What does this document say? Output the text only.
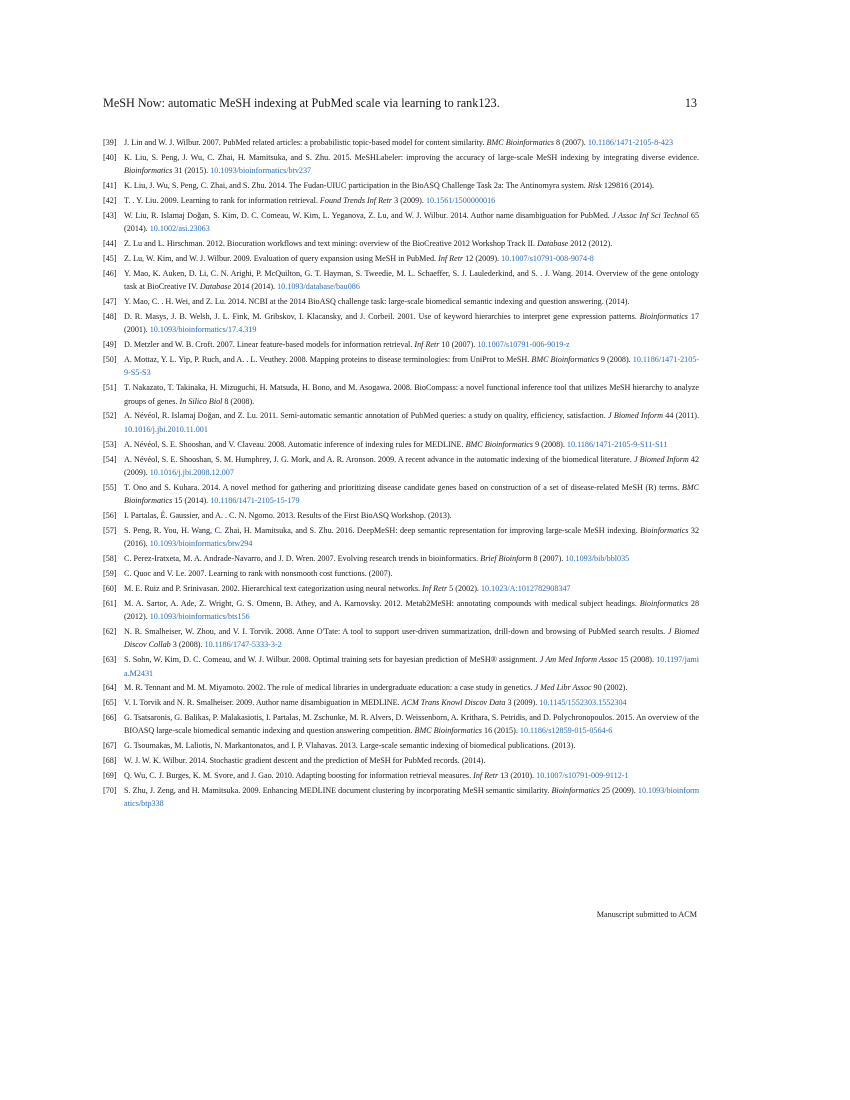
MeSH Now: automatic MeSH indexing at PubMed scale via learning to rank123.	13
[39] J. Lin and W. J. Wilbur. 2007. PubMed related articles: a probabilistic topic-based model for content similarity. BMC Bioinformatics 8 (2007). 10.1186/1471-2105-8-423
[40] K. Liu, S. Peng, J. Wu, C. Zhai, H. Mamitsuka, and S. Zhu. 2015. MeSHLabeler: improving the accuracy of large-scale MeSH indexing by integrating diverse evidence. Bioinformatics 31 (2015). 10.1093/bioinformatics/btv237
[41] K. Liu, J. Wu, S. Peng, C. Zhai, and S. Zhu. 2014. The Fudan-UIUC participation in the BioASQ Challenge Task 2a: The Antinomyra system. Risk 129816 (2014).
[42] T. . Y. Liu. 2009. Learning to rank for information retrieval. Found Trends Inf Retr 3 (2009). 10.1561/1500000016
[43] W. Liu, R. Islamaj Doğan, S. Kim, D. C. Comeau, W. Kim, L. Yeganova, Z. Lu, and W. J. Wilbur. 2014. Author name disambiguation for PubMed. J Assoc Inf Sci Technol 65 (2014). 10.1002/asi.23063
[44] Z. Lu and L. Hirschman. 2012. Biocuration workflows and text mining: overview of the BioCreative 2012 Workshop Track II. Database 2012 (2012).
[45] Z. Lu, W. Kim, and W. J. Wilbur. 2009. Evaluation of query expansion using MeSH in PubMed. Inf Retr 12 (2009). 10.1007/s10791-008-9074-8
[46] Y. Mao, K. Auken, D. Li, C. N. Arighi, P. McQuilton, G. T. Hayman, S. Tweedie, M. L. Schaeffer, S. J. Laulederkind, and S. . J. Wang. 2014. Overview of the gene ontology task at BioCreative IV. Database 2014 (2014). 10.1093/database/bau086
[47] Y. Mao, C. . H. Wei, and Z. Lu. 2014. NCBI at the 2014 BioASQ challenge task: large-scale biomedical semantic indexing and question answering. (2014).
[48] D. R. Masys, J. B. Welsh, J. L. Fink, M. Gribskov, I. Klacansky, and J. Corbeil. 2001. Use of keyword hierarchies to interpret gene expression patterns. Bioinformatics 17 (2001). 10.1093/bioinformatics/17.4.319
[49] D. Metzler and W. B. Croft. 2007. Linear feature-based models for information retrieval. Inf Retr 10 (2007). 10.1007/s10791-006-9019-z
[50] A. Mottaz, Y. L. Yip, P. Ruch, and A. . L. Veuthey. 2008. Mapping proteins to disease terminologies: from UniProt to MeSH. BMC Bioinformatics 9 (2008). 10.1186/1471-2105-9-S5-S3
[51] T. Nakazato, T. Takinaka, H. Mizuguchi, H. Matsuda, H. Bono, and M. Asogawa. 2008. BioCompass: a novel functional inference tool that utilizes MeSH hierarchy to analyze groups of genes. In Silico Biol 8 (2008).
[52] A. Névéol, R. Islamaj Doğan, and Z. Lu. 2011. Semi-automatic semantic annotation of PubMed queries: a study on quality, efficiency, satisfaction. J Biomed Inform 44 (2011). 10.1016/j.jbi.2010.11.001
[53] A. Névéol, S. E. Shooshan, and V. Claveau. 2008. Automatic inference of indexing rules for MEDLINE. BMC Bioinformatics 9 (2008). 10.1186/1471-2105-9-S11-S11
[54] A. Névéol, S. E. Shooshan, S. M. Humphrey, J. G. Mork, and A. R. Aronson. 2009. A recent advance in the automatic indexing of the biomedical literature. J Biomed Inform 42 (2009). 10.1016/j.jbi.2008.12.007
[55] T. Ono and S. Kuhara. 2014. A novel method for gathering and prioritizing disease candidate genes based on construction of a set of disease-related MeSH (R) terms. BMC Bioinformatics 15 (2014). 10.1186/1471-2105-15-179
[56] I. Partalas, É. Gaussier, and A. . C. N. Ngomo. 2013. Results of the First BioASQ Workshop. (2013).
[57] S. Peng, R. You, H. Wang, C. Zhai, H. Mamitsuka, and S. Zhu. 2016. DeepMeSH: deep semantic representation for improving large-scale MeSH indexing. Bioinformatics 32 (2016). 10.1093/bioinformatics/btw294
[58] C. Perez-Iratxeta, M. A. Andrade-Navarro, and J. D. Wren. 2007. Evolving research trends in bioinformatics. Brief Bioinform 8 (2007). 10.1093/bib/bbl035
[59] C. Quoc and V. Le. 2007. Learning to rank with nonsmooth cost functions. (2007).
[60] M. E. Ruiz and P. Srinivasan. 2002. Hierarchical text categorization using neural networks. Inf Retr 5 (2002). 10.1023/A:1012782908347
[61] M. A. Sartor, A. Ade, Z. Wright, G. S. Omenn, B. Athey, and A. Karnovsky. 2012. Metab2MeSH: annotating compounds with medical subject headings. Bioinformatics 28 (2012). 10.1093/bioinformatics/bts156
[62] N. R. Smalheiser, W. Zhou, and V. I. Torvik. 2008. Anne O'Tate: A tool to support user-driven summarization, drill-down and browsing of PubMed search results. J Biomed Discov Collab 3 (2008). 10.1186/1747-5333-3-2
[63] S. Sohn, W. Kim, D. C. Comeau, and W. J. Wilbur. 2008. Optimal training sets for bayesian prediction of MeSH® assignment. J Am Med Inform Assoc 15 (2008). 10.1197/jamia.M2431
[64] M. R. Tennant and M. M. Miyamoto. 2002. The role of medical libraries in undergraduate education: a case study in genetics. J Med Libr Assoc 90 (2002).
[65] V. I. Torvik and N. R. Smalheiser. 2009. Author name disambiguation in MEDLINE. ACM Trans Knowl Discov Data 3 (2009). 10.1145/1552303.1552304
[66] G. Tsatsaronis, G. Balikas, P. Malakasiotis, I. Partalas, M. Zschunke, M. R. Alvers, D. Weissenborn, A. Krithara, S. Petridis, and D. Polychronopoulos. 2015. An overview of the BIOASQ large-scale biomedical semantic indexing and question answering competition. BMC Bioinformatics 16 (2015). 10.1186/s12859-015-0564-6
[67] G. Tsoumakas, M. Laliotis, N. Markantonatos, and I. P. Vlahavas. 2013. Large-scale semantic indexing of biomedical publications. (2013).
[68] W. J. W. K. Wilbur. 2014. Stochastic gradient descent and the prediction of MeSH for PubMed records. (2014).
[69] Q. Wu, C. J. Burges, K. M. Svore, and J. Gao. 2010. Adapting boosting for information retrieval measures. Inf Retr 13 (2010). 10.1007/s10791-009-9112-1
[70] S. Zhu, J. Zeng, and H. Mamitsuka. 2009. Enhancing MEDLINE document clustering by incorporating MeSH semantic similarity. Bioinformatics 25 (2009). 10.1093/bioinformatics/btp338
Manuscript submitted to ACM
